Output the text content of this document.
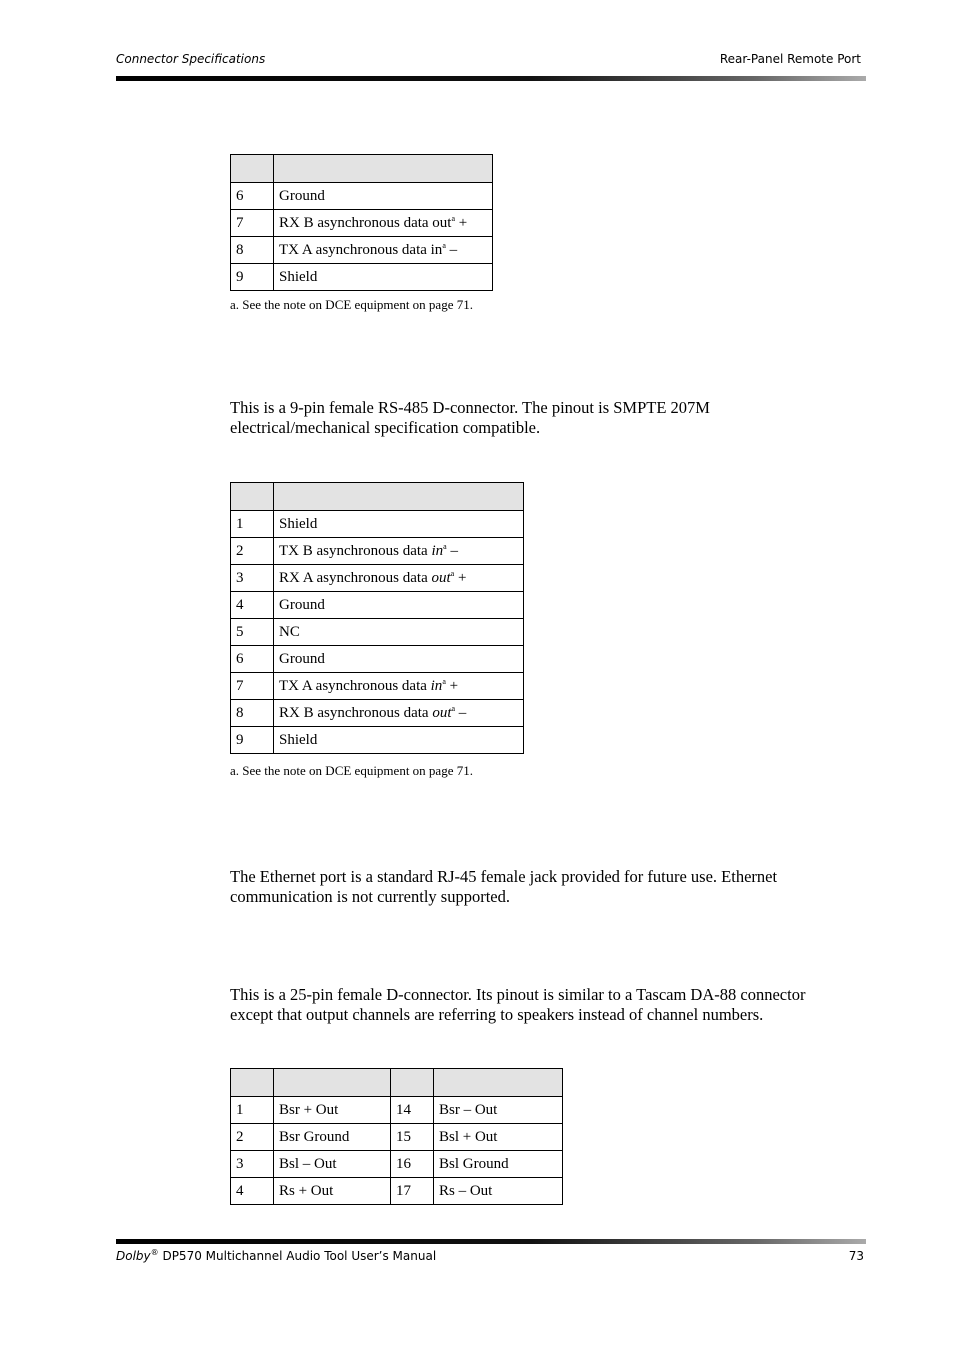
Connector Specifications	Rear-Panel Remote Port

6	Ground
7	RX B asynchronous data out$^a$ +
8	TX A asynchronous data $in^a$ –
9	Shield
a. See the note on DCE equipment on page 71.

This is a 9-pin female RS-485 D-connector. The pinout is SMPTE 207M electrical/mechanical specification compatible.

1	Shield
2	TX B asynchronous data $in^a$ –
3	RX A asynchronous data out$^a$ +
4	Ground
5	NC
6	Ground
7	TX A asynchronous data $in^a$ +
8	RX B asynchronous data out$^a$ –
9	Shield
a. See the note on DCE equipment on page 71.

The Ethernet port is a standard RJ-45 female jack provided for future use. Ethernet communication is not currently supported.

This is a 25-pin female D-connector. Its pinout is similar to a Tascam DA-88 connector except that output channels are referring to speakers instead of channel numbers.

1	Bsr + Out	14	Bsr – Out
2	Bsr Ground	15	Bsl + Out
3	Bsl – Out	16	Bsl Ground
4	Rs + Out	17	Rs – Out
Dolby® DP570 Multichannel Audio Tool User’s Manual	73
